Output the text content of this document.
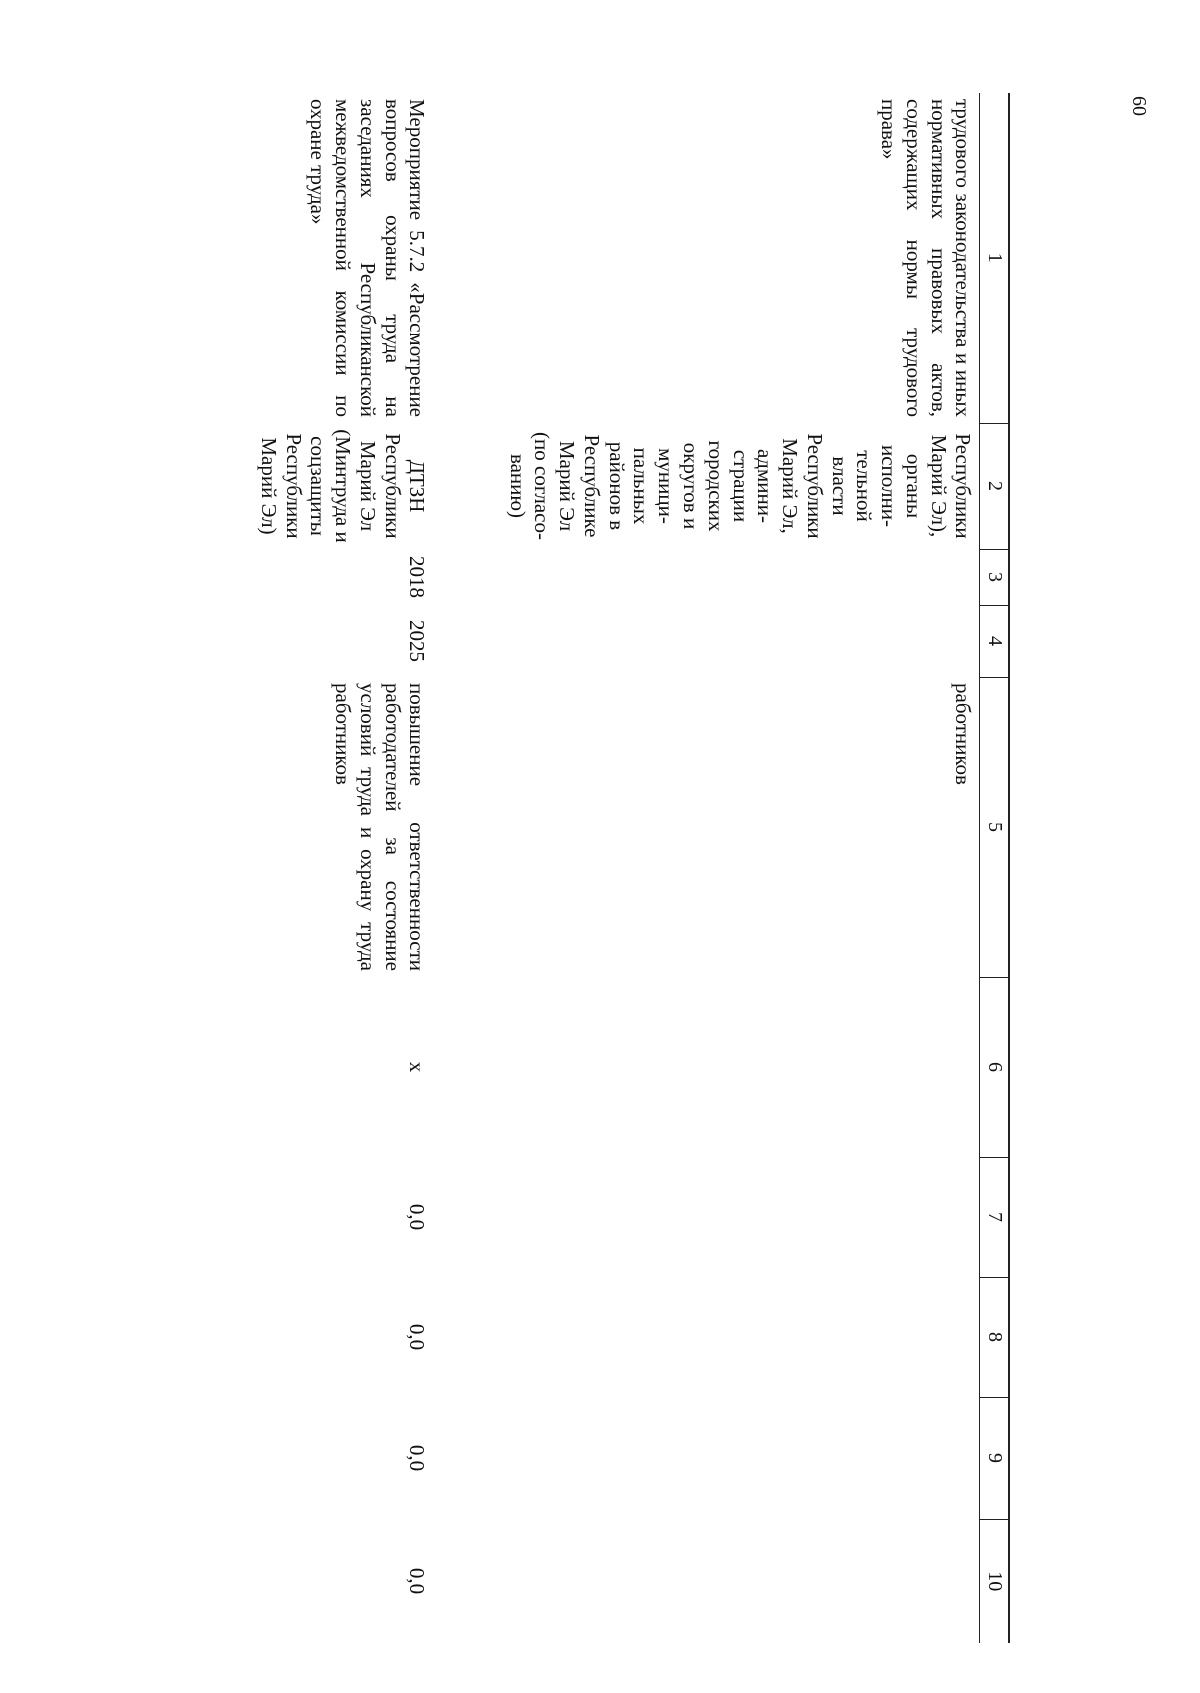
60
1	2	3	4	5	6	7	8	9	10
трудового законодательства и иных нормативных правовых актов, содержащих нормы трудового права»	Республики Марий Эл), органы исполни-тельной власти Республики Марий Эл, админи-страции городских округов и муници-пальных районов в Республике Марий Эл (по согласо-ванию)			работников					
Мероприятие 5.7.2 «Рассмотрение вопросов охраны труда на заседаниях Республиканской межведомственной комиссии по охране труда»	ДТЗН Республики Марий Эл (Минтруда и соцзащиты Республики Марий Эл)	2018	2025	повышение ответственности работодателей за состояние условий труда и охрану труда работников	х	0,0	0,0	0,0	0,0
